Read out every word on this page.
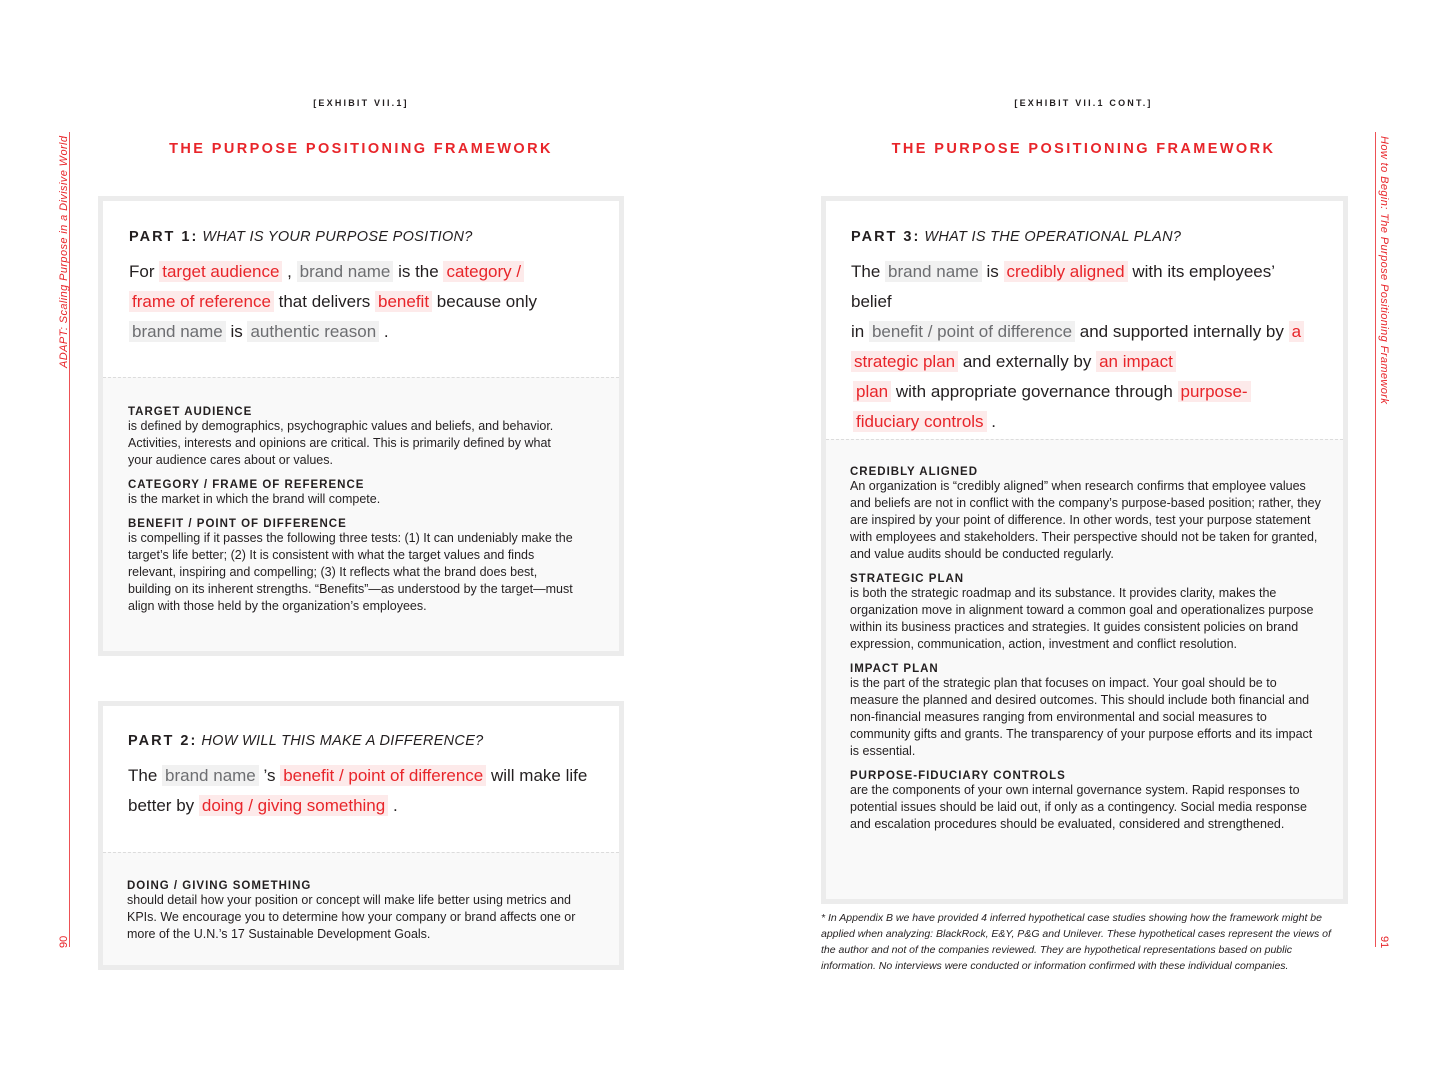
ADAPT: Scaling Purpose in a Divisive World
90
[EXHIBIT VII.1]
THE PURPOSE POSITIONING FRAMEWORK
PART 1: WHAT IS YOUR PURPOSE POSITION?
For target audience , brand name is the category /
frame of reference that delivers benefit because only
brand name is authentic reason .
TARGET AUDIENCE
is defined by demographics, psychographic values and beliefs, and behavior. Activities, interests and opinions are critical. This is primarily defined by what your audience cares about or values.
CATEGORY / FRAME OF REFERENCE
is the market in which the brand will compete.
BENEFIT / POINT OF DIFFERENCE
is compelling if it passes the following three tests: (1) It can undeniably make the target’s life better; (2) It is consistent with what the target values and finds relevant, inspiring and compelling; (3) It reflects what the brand does best, building on its inherent strengths. “Benefits”—as understood by the target—must align with those held by the organization’s employees.
PART 2: HOW WILL THIS MAKE A DIFFERENCE?
The brand name ’s benefit / point of difference will make life
better by doing / giving something .
DOING / GIVING SOMETHING
should detail how your position or concept will make life better using metrics and KPIs. We encourage you to determine how your company or brand affects one or more of the U.N.’s 17 Sustainable Development Goals.
How to Begin: The Purpose Positioning Framework
91
[EXHIBIT VII.1 CONT.]
THE PURPOSE POSITIONING FRAMEWORK
PART 3: WHAT IS THE OPERATIONAL PLAN?
The brand name is credibly aligned with its employees’ belief
in benefit / point of difference and supported internally by a
strategic plan and externally by an impact
plan with appropriate governance through purpose-
fiduciary controls .
CREDIBLY ALIGNED
An organization is “credibly aligned” when research confirms that employee values and beliefs are not in conflict with the company’s purpose-based position; rather, they are inspired by your point of difference. In other words, test your purpose statement with employees and stakeholders. Their perspective should not be taken for granted, and value audits should be conducted regularly.
STRATEGIC PLAN
is both the strategic roadmap and its substance. It provides clarity, makes the organization move in alignment toward a common goal and operationalizes purpose within its business practices and strategies. It guides consistent policies on brand expression, communication, action, investment and conflict resolution.
IMPACT PLAN
is the part of the strategic plan that focuses on impact. Your goal should be to measure the planned and desired outcomes. This should include both financial and non-financial measures ranging from environmental and social measures to community gifts and grants. The transparency of your purpose efforts and its impact is essential.
PURPOSE-FIDUCIARY CONTROLS
are the components of your own internal governance system. Rapid responses to potential issues should be laid out, if only as a contingency. Social media response and escalation procedures should be evaluated, considered and strengthened.
* In Appendix B we have provided 4 inferred hypothetical case studies showing how the framework might be applied when analyzing: BlackRock, E&Y, P&G and Unilever. These hypothetical cases represent the views of the author and not of the companies reviewed. They are hypothetical representations based on public information. No interviews were conducted or information confirmed with these individual companies.
